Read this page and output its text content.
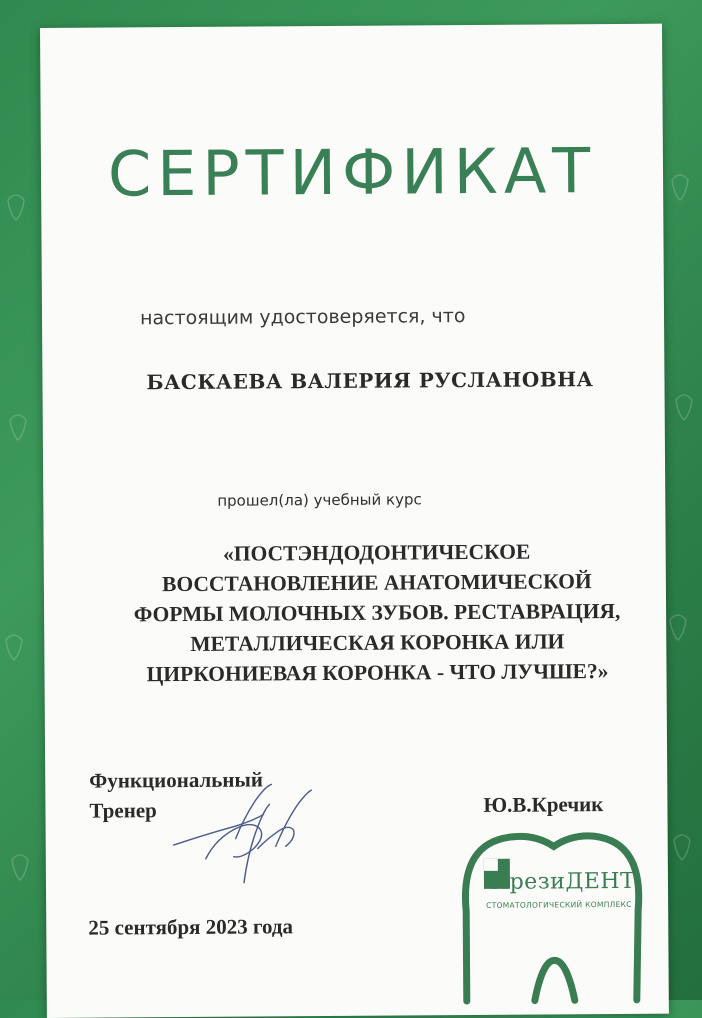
СЕРТИФИКАТ
настоящим удостоверяется, что
БАСКАЕВА ВАЛЕРИЯ РУСЛАНОВНА
прошел(ла) учебный курс
«ПОСТЭНДОДОНТИЧЕСКОЕ
ВОССТАНОВЛЕНИЕ АНАТОМИЧЕСКОЙ
ФОРМЫ МОЛОЧНЫХ ЗУБОВ. РЕСТАВРАЦИЯ,
МЕТАЛЛИЧЕСКАЯ КОРОНКА ИЛИ
ЦИРКОНИЕВАЯ КОРОНКА - ЧТО ЛУЧШЕ?»
Функциональный
Тренер	Ю.В.Кречик
ПрезиДЕНТ
СТОМАТОЛОГИЧЕСКИЙ КОМПЛЕКС
25 сентября 2023 года
